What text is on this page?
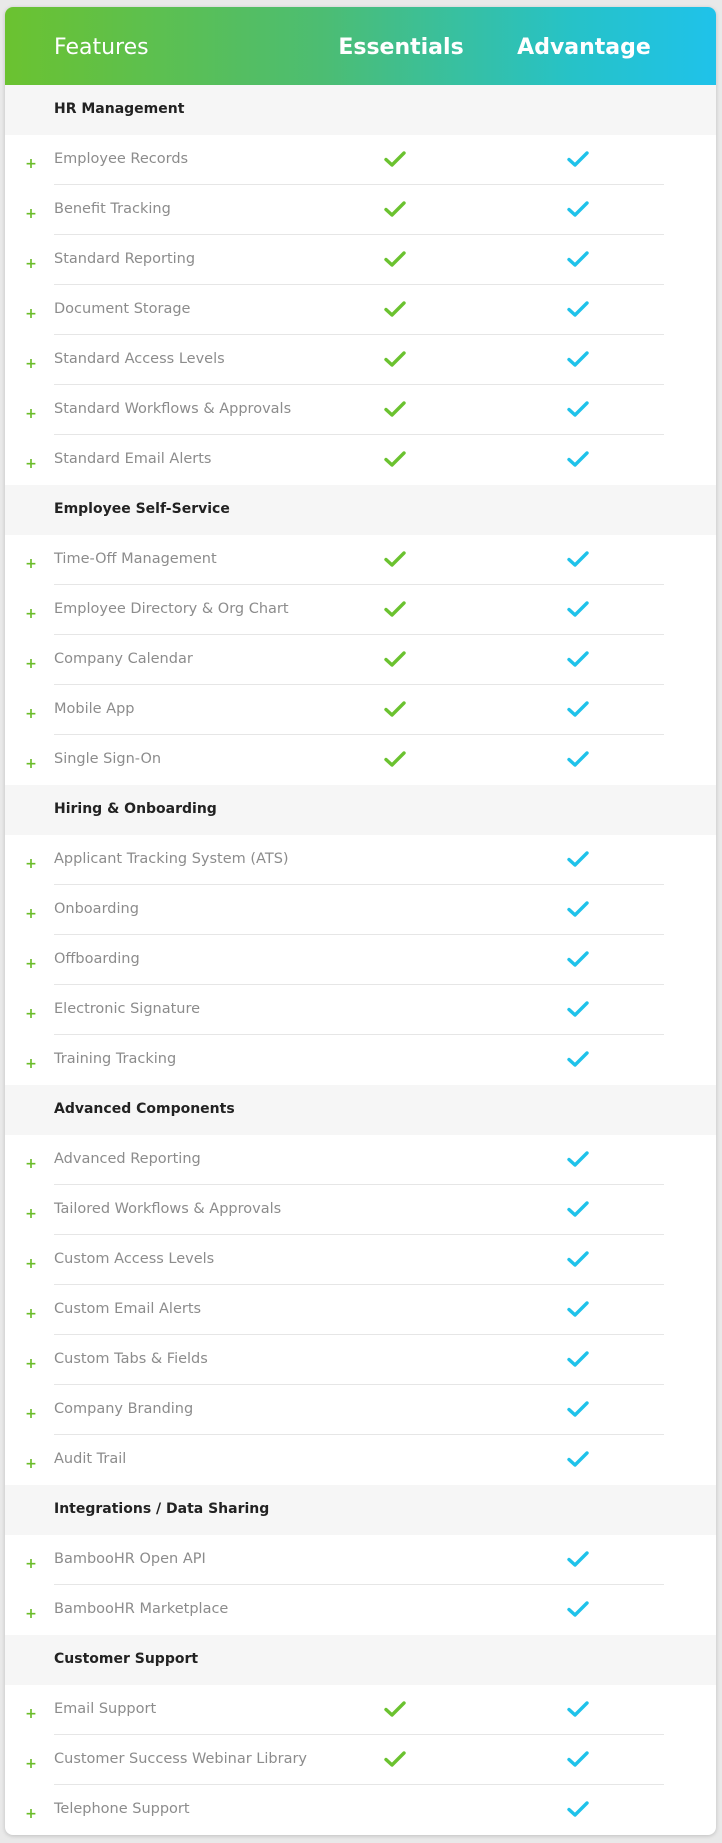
Features	Essentials	Advantage
HR Management
+ Employee Records
+ Benefit Tracking
+ Standard Reporting
+ Document Storage
+ Standard Access Levels
+ Standard Workflows & Approvals
+ Standard Email Alerts
Employee Self-Service
+ Time-Off Management
+ Employee Directory & Org Chart
+ Company Calendar
+ Mobile App
+ Single Sign-On
Hiring & Onboarding
+ Applicant Tracking System (ATS)
+ Onboarding
+ Offboarding
+ Electronic Signature
+ Training Tracking
Advanced Components
+ Advanced Reporting
+ Tailored Workflows & Approvals
+ Custom Access Levels
+ Custom Email Alerts
+ Custom Tabs & Fields
+ Company Branding
+ Audit Trail
Integrations / Data Sharing
+ BambooHR Open API
+ BambooHR Marketplace
Customer Support
+ Email Support
+ Customer Success Webinar Library
+ Telephone Support
